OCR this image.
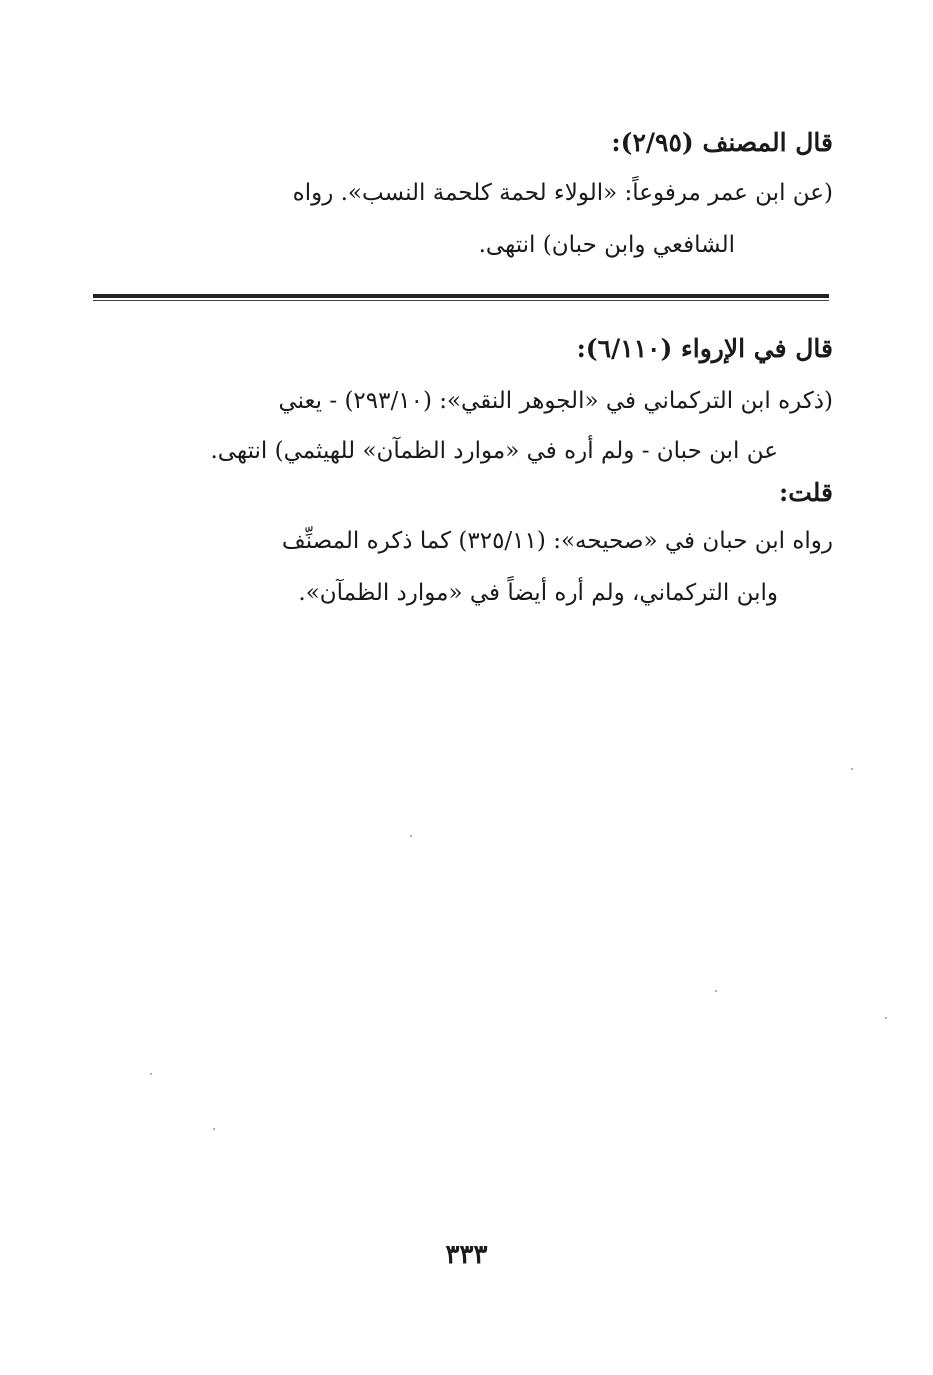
قال المصنف (٢/٩٥):
(عن ابن عمر مرفوعاً: «الولاء لحمة كلحمة النسب». رواه
الشافعي وابن حبان) انتهى.
قال في الإرواء (٦/١١٠):
(ذكره ابن التركماني في «الجوهر النقي»: (٢٩٣/١٠) - يعني
عن ابن حبان - ولم أره في «موارد الظمآن» للهيثمي) انتهى.
قلت:
رواه ابن حبان في «صحيحه»: (٣٢٥/١١) كما ذكره المصنِّف
وابن التركماني، ولم أره أيضاً في «موارد الظمآن».
٣٣٣
